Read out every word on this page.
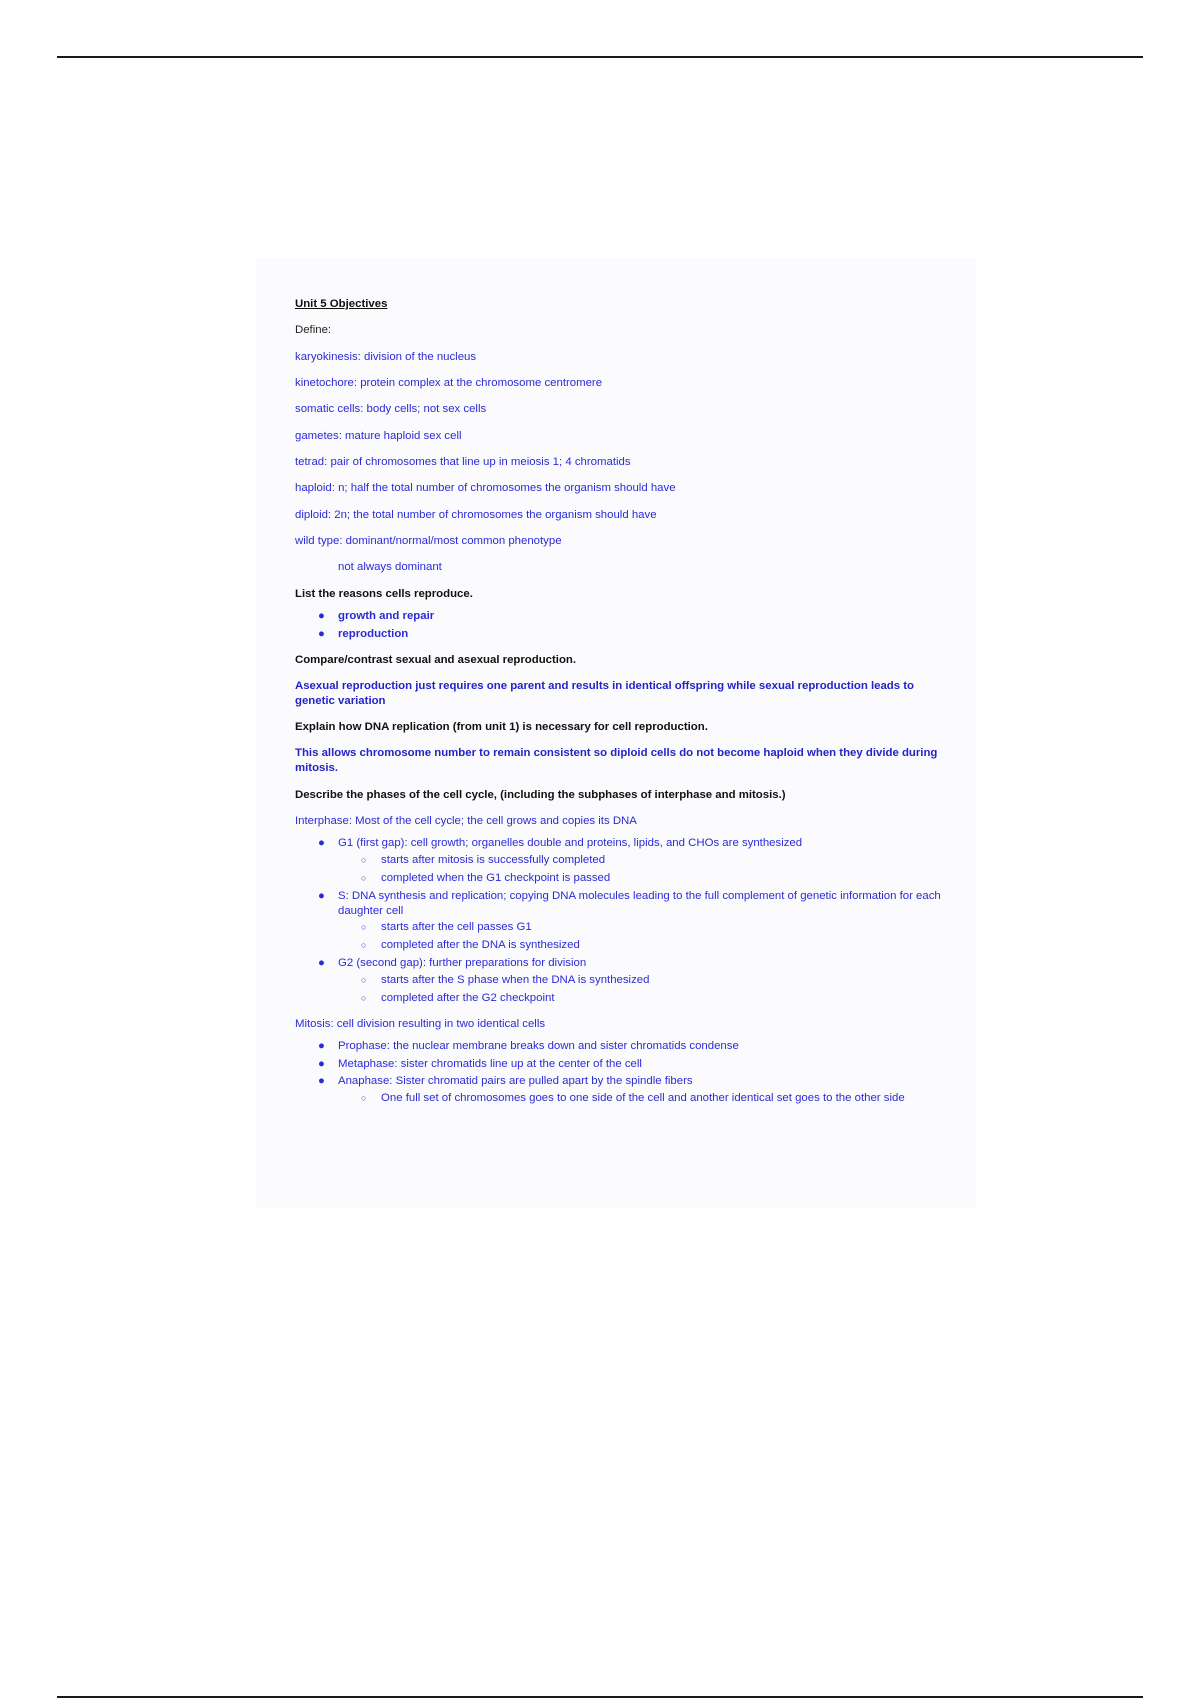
Unit 5 Objectives

Define:

karyokinesis: division of the nucleus

kinetochore: protein complex at the chromosome centromere

somatic cells: body cells; not sex cells

gametes: mature haploid sex cell

tetrad: pair of chromosomes that line up in meiosis 1; 4 chromatids

haploid: n; half the total number of chromosomes the organism should have

diploid: 2n; the total number of chromosomes the organism should have

wild type: dominant/normal/most common phenotype

not always dominant

List the reasons cells reproduce.

● growth and repair
● reproduction

Compare/contrast sexual and asexual reproduction.

Asexual reproduction just requires one parent and results in identical offspring while sexual reproduction leads to genetic variation

Explain how DNA replication (from unit 1) is necessary for cell reproduction.

This allows chromosome number to remain consistent so diploid cells do not become haploid when they divide during mitosis.

Describe the phases of the cell cycle, (including the subphases of interphase and mitosis.)

Interphase: Most of the cell cycle; the cell grows and copies its DNA

● G1 (first gap): cell growth; organelles double and proteins, lipids, and CHOs are synthesized
○ starts after mitosis is successfully completed
○ completed when the G1 checkpoint is passed
● S: DNA synthesis and replication; copying DNA molecules leading to the full complement of genetic information for each daughter cell
○ starts after the cell passes G1
○ completed after the DNA is synthesized
● G2 (second gap): further preparations for division
○ starts after the S phase when the DNA is synthesized
○ completed after the G2 checkpoint

Mitosis: cell division resulting in two identical cells

● Prophase: the nuclear membrane breaks down and sister chromatids condense
● Metaphase: sister chromatids line up at the center of the cell
● Anaphase: Sister chromatid pairs are pulled apart by the spindle fibers
○ One full set of chromosomes goes to one side of the cell and another identical set goes to the other side
